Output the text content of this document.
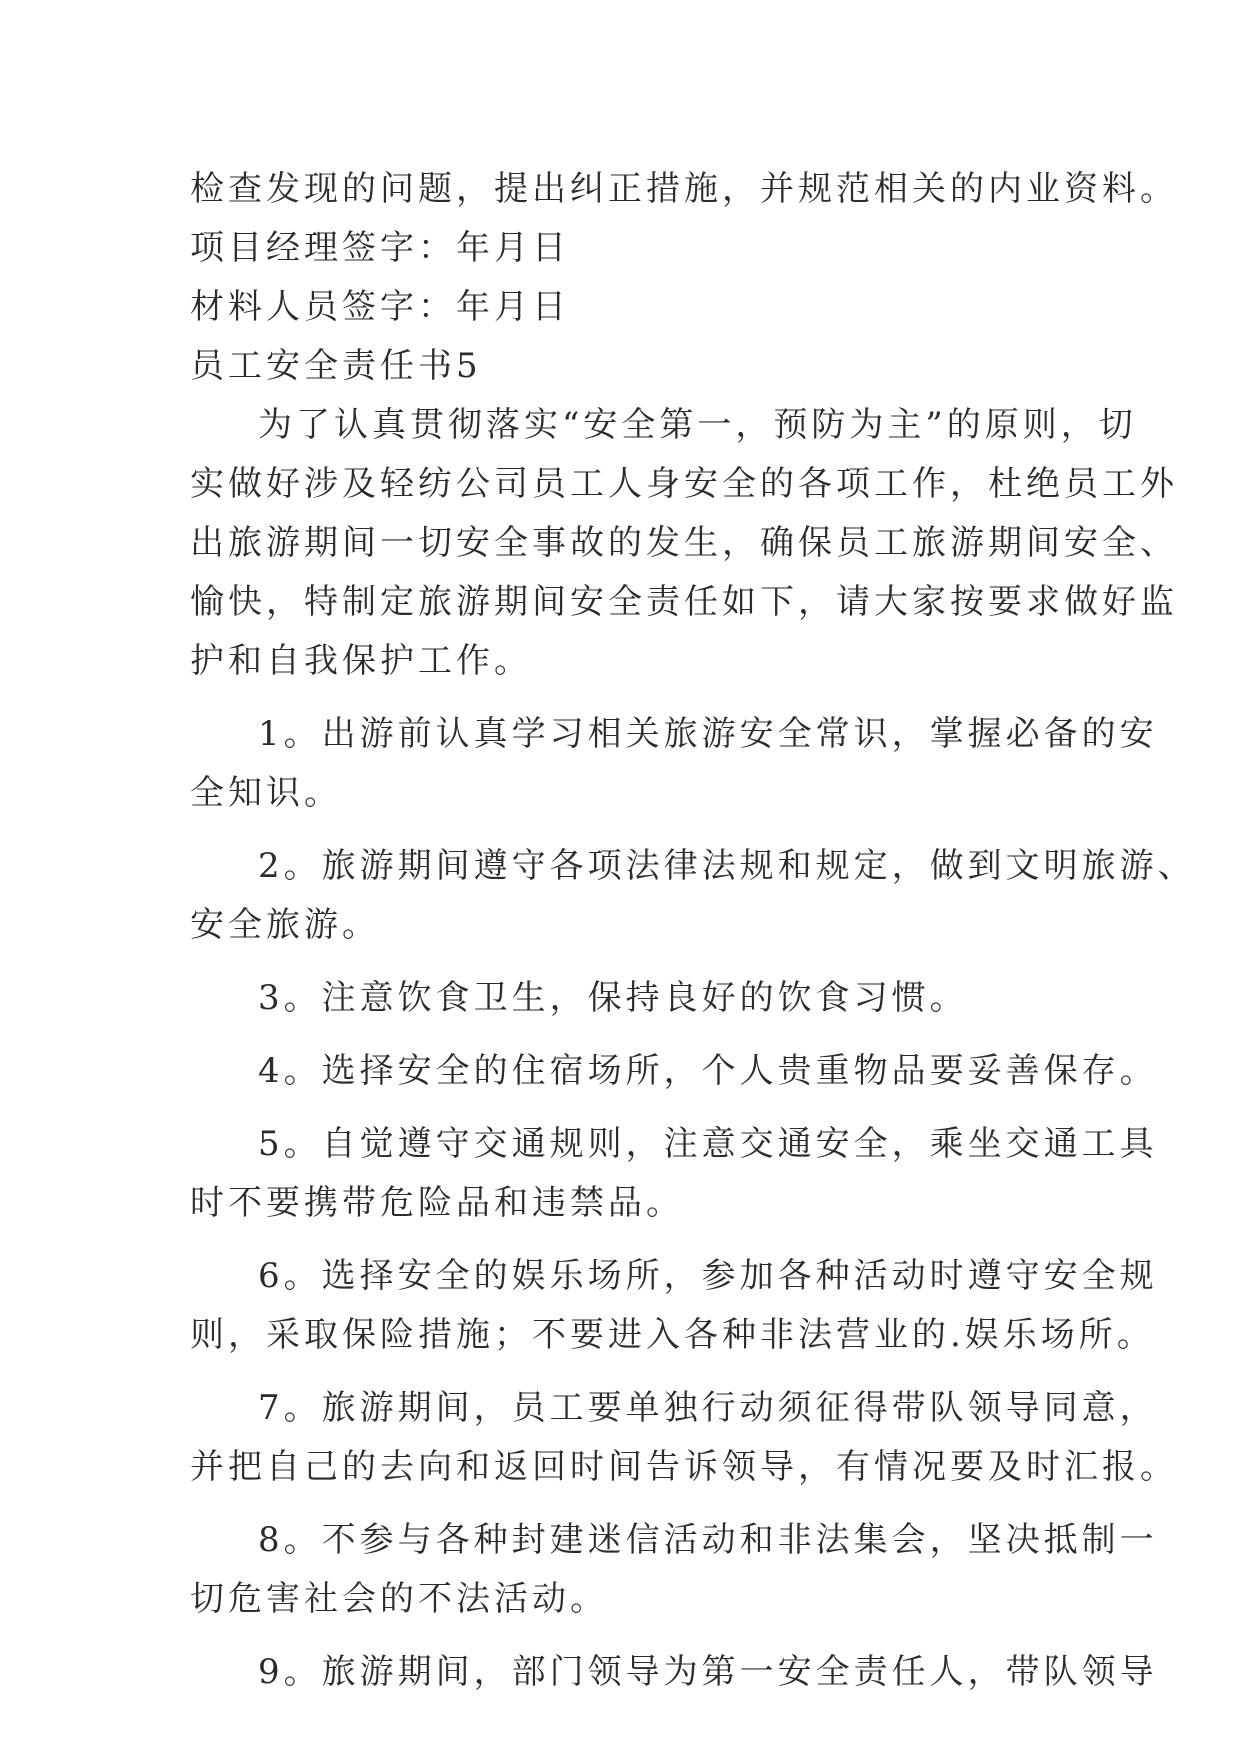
检查发现的问题，提出纠正措施，并规范相关的内业资料。

项目经理签字：年月日

材料人员签字：年月日

员工安全责任书5

为了认真贯彻落实“安全第一，预防为主”的原则，切

实做好涉及轻纺公司员工人身安全的各项工作，杜绝员工外

出旅游期间一切安全事故的发生，确保员工旅游期间安全、

愉快，特制定旅游期间安全责任如下，请大家按要求做好监

护和自我保护工作。

1。出游前认真学习相关旅游安全常识，掌握必备的安

全知识。

2。旅游期间遵守各项法律法规和规定，做到文明旅游、

安全旅游。

3。注意饮食卫生，保持良好的饮食习惯。

4。选择安全的住宿场所，个人贵重物品要妥善保存。

5。自觉遵守交通规则，注意交通安全，乘坐交通工具

时不要携带危险品和违禁品。

6。选择安全的娱乐场所，参加各种活动时遵守安全规

则，采取保险措施；不要进入各种非法营业的.娱乐场所。

7。旅游期间，员工要单独行动须征得带队领导同意，

并把自己的去向和返回时间告诉领导，有情况要及时汇报。

8。不参与各种封建迷信活动和非法集会，坚决抵制一

切危害社会的不法活动。

9。旅游期间，部门领导为第一安全责任人，带队领导
